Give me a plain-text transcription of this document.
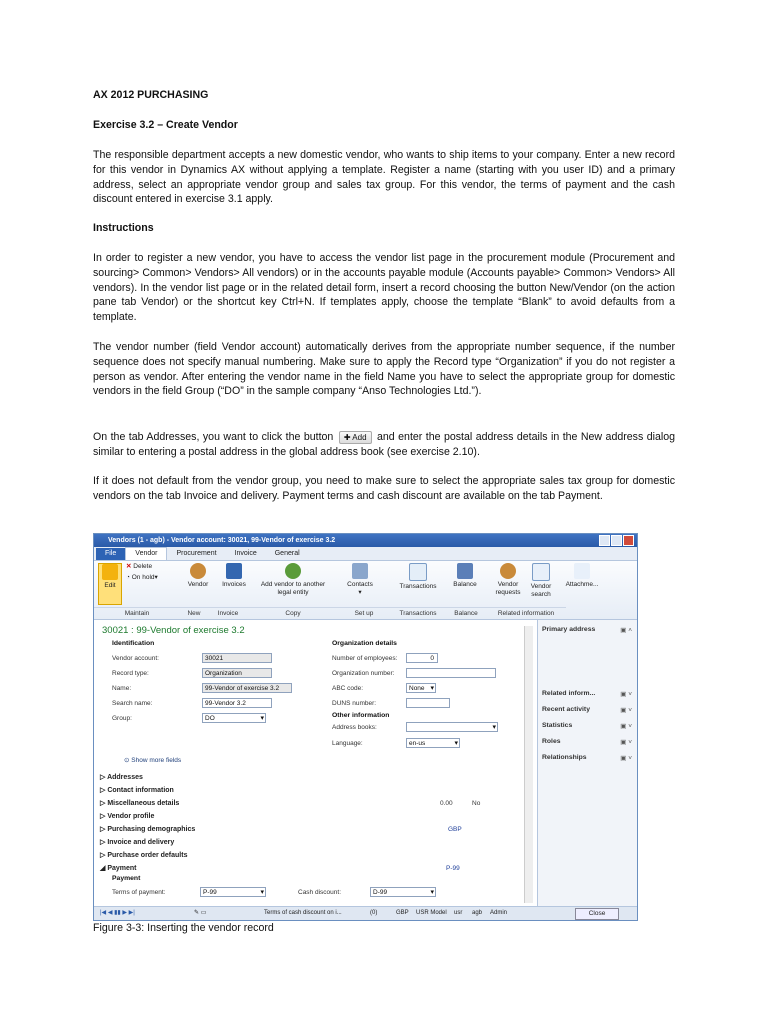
AX 2012 PURCHASING
Exercise 3.2 – Create Vendor
The responsible department accepts a new domestic vendor, who wants to ship items to your company. Enter a new record for this vendor in Dynamics AX without applying a template. Register a name (starting with you user ID) and a primary address, select an appropriate vendor group and sales tax group. For this vendor, the terms of payment and the cash discount entered in exercise 3.1 apply.
Instructions
In order to register a new vendor, you have to access the vendor list page in the procurement module (Procurement and sourcing> Common> Vendors> All vendors) or in the accounts payable module (Accounts payable> Common> Vendors> All vendors). In the vendor list page or in the related detail form, insert a record choosing the button New/Vendor (on the action pane tab Vendor) or the shortcut key Ctrl+N. If templates apply, choose the template “Blank” to avoid defaults from a template.
The vendor number (field Vendor account) automatically derives from the appropriate number sequence, if the number sequence does not specify manual numbering. Make sure to apply the Record type “Organization” if you do not register a person as vendor. After entering the vendor name in the field Name you have to select the appropriate group for domestic vendors in the field Group (“DO” in the sample company “Anso Technologies Ltd.”).
On the tab Addresses, you want to click the button ✚ Add and enter the postal address details in the New address dialog similar to entering a postal address in the global address book (see exercise 2.10).
If it does not default from the vendor group, you need to make sure to select the appropriate sales tax group for domestic vendors on the tab Invoice and delivery. Payment terms and cash discount are available on the tab Payment.
Vendors (1 - agb) - Vendor account: 30021, 99-Vendor of exercise 3.2
File	Vendor	Procurement	Invoice	General
Edit
✕ Delete
◔ On hold▾
Vendor	Invoices	Add vendor to another legal entity
Contacts
▾
Transactions	Balance	Vendor requests
Vendor search
Attachme...
Maintain	New	Invoice	Copy	Set up	Transactions	Balance	Related information
30021 : 99-Vendor of exercise 3.2
Identification
Vendor account:	30021
Record type:	Organization
Name:	99-Vendor of exercise 3.2
Search name:	99-Vendor 3.2
Group:	DO ▾
⊙ Show more fields
Organization details
Number of employees:	0
Organization number:
ABC code:	None ▾
DUNS number:
Other information
Address books:
▾
Language:	en-us ▾
▷ Addresses
▷ Contact information
▷ Miscellaneous details	0.00	No
▷ Vendor profile
▷ Purchasing demographics	GBP
▷ Invoice and delivery
▷ Purchase order defaults
◢ Payment	P-99
Payment
Terms of payment:	P-99 ▾	Cash discount:	D-99 ▾
Primary address	▣ ˄
Related inform...	▣ ˅
Recent activity	▣ ˅
Statistics	▣ ˅
Roles	▣ ˅
Relationships	▣ ˅
|◀ ◀ ▮▮ ▶ ▶|	✎ ▭	Terms of cash discount on i...	(0)	GBP USR Model usr agb Admin	Close
Figure 3-3: Inserting the vendor record
